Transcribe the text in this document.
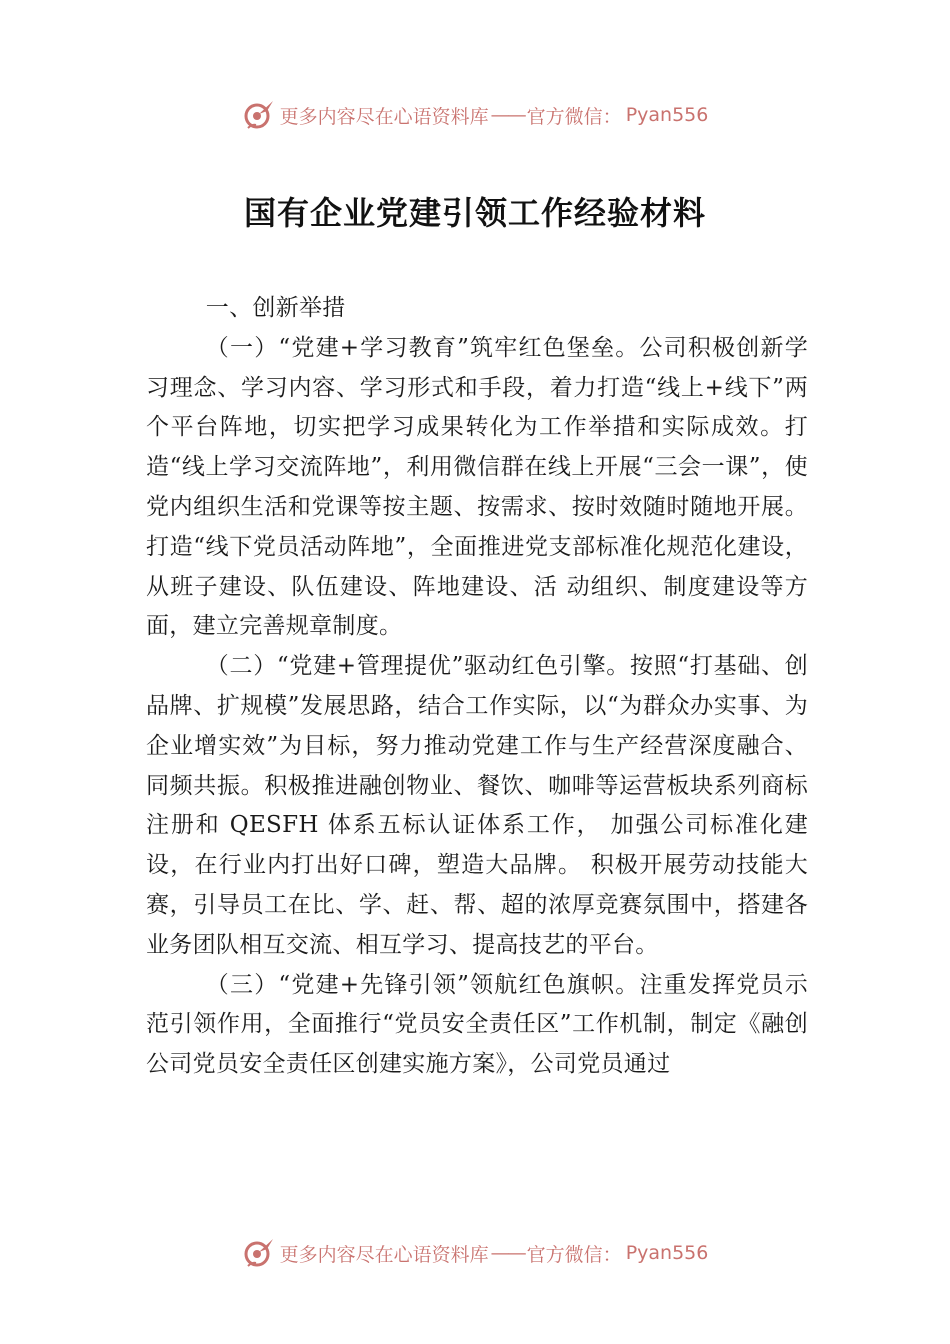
更多内容尽在心语资料库 —— 官方微信： Pyan556
国有企业党建引领工作经验材料

一、创新举措

（一）“党建+学习教育”筑牢红色堡垒。公司积极创新学习理念、学习内容、学习形式和手段，着力打造“线上+线下”两个平台阵地，切实把学习成果转化为工作举措和实际成效。打造“线上学习交流阵地”，利用微信群在线上开展“三会一课”，使党内组织生活和党课等按主题、按需求、按时效随时随地开展。打造“线下党员活动阵地”，全面推进党支部标准化规范化建设，从班子建设、队伍建设、阵地建设、活 动组织、制度建设等方面，建立完善规章制度。

（二）“党建+管理提优”驱动红色引擎。按照“打基础、创品牌、扩规模”发展思路，结合工作实际，以“为群众办实事、为企业增实效”为目标，努力推动党建工作与生产经营深度融合、同频共振。积极推进融创物业、餐饮、咖啡等运营板块系列商标注册和 QESFH 体系五标认证体系工作， 加强公司标准化建设，在行业内打出好口碑，塑造大品牌。 积极开展劳动技能大赛，引导员工在比、学、赶、帮、超的浓厚竞赛氛围中，搭建各业务团队相互交流、相互学习、提高技艺的平台。

（三）“党建+先锋引领”领航红色旗帜。注重发挥党员示范引领作用，全面推行“党员安全责任区”工作机制，制定《融创公司党员安全责任区创建实施方案》，公司党员通过

更多内容尽在心语资料库 —— 官方微信： Pyan556
